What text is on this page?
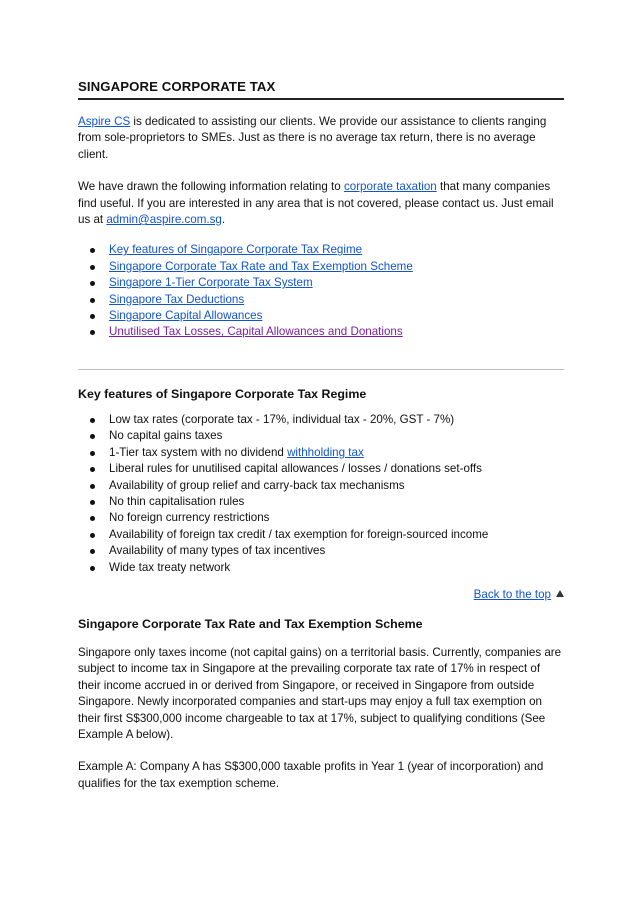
SINGAPORE CORPORATE TAX

Aspire CS is dedicated to assisting our clients. We provide our assistance to clients ranging from sole-proprietors to SMEs. Just as there is no average tax return, there is no average client.

We have drawn the following information relating to corporate taxation that many companies find useful. If you are interested in any area that is not covered, please contact us. Just email us at admin@aspire.com.sg.

Key features of Singapore Corporate Tax Regime
Singapore Corporate Tax Rate and Tax Exemption Scheme
Singapore 1-Tier Corporate Tax System
Singapore Tax Deductions
Singapore Capital Allowances
Unutilised Tax Losses, Capital Allowances and Donations
Key features of Singapore Corporate Tax Regime
Low tax rates (corporate tax - 17%, individual tax - 20%, GST - 7%)
No capital gains taxes
1-Tier tax system with no dividend withholding tax
Liberal rules for unutilised capital allowances / losses / donations set-offs
Availability of group relief and carry-back tax mechanisms
No thin capitalisation rules
No foreign currency restrictions
Availability of foreign tax credit / tax exemption for foreign-sourced income
Availability of many types of tax incentives
Wide tax treaty network
Back to the top
Singapore Corporate Tax Rate and Tax Exemption Scheme

Singapore only taxes income (not capital gains) on a territorial basis. Currently, companies are subject to income tax in Singapore at the prevailing corporate tax rate of 17% in respect of their income accrued in or derived from Singapore, or received in Singapore from outside Singapore. Newly incorporated companies and start-ups may enjoy a full tax exemption on their first S$300,000 income chargeable to tax at 17%, subject to qualifying conditions (See Example A below).

Example A: Company A has S$300,000 taxable profits in Year 1 (year of incorporation) and qualifies for the tax exemption scheme.
